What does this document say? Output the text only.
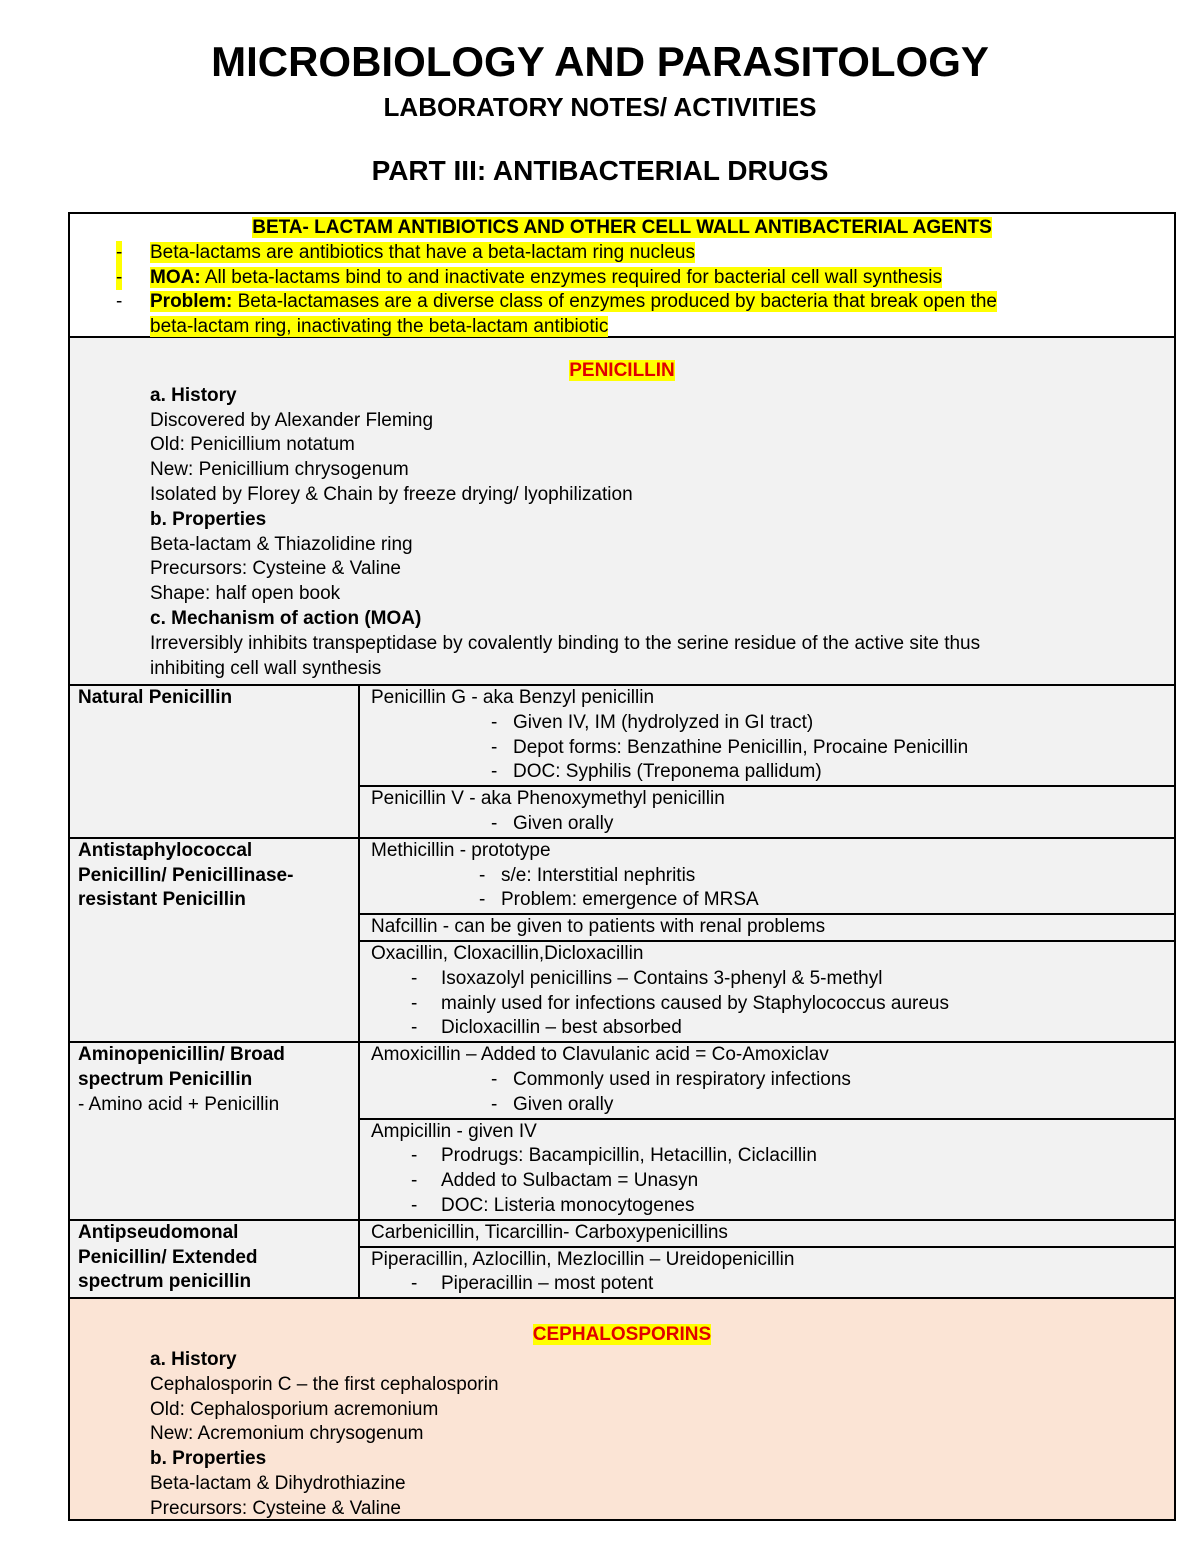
MICROBIOLOGY AND PARASITOLOGY
LABORATORY NOTES/ ACTIVITIES
PART III: ANTIBACTERIAL DRUGS
BETA- LACTAM ANTIBIOTICS AND OTHER CELL WALL ANTIBACTERIAL AGENTS
- Beta-lactams are antibiotics that have a beta-lactam ring nucleus
- MOA: All beta-lactams bind to and inactivate enzymes required for bacterial cell wall synthesis
- Problem: Beta-lactamases are a diverse class of enzymes produced by bacteria that break open the
beta-lactam ring, inactivating the beta-lactam antibiotic
PENICILLIN
a. History
Discovered by Alexander Fleming
Old: Penicillium notatum
New: Penicillium chrysogenum
Isolated by Florey & Chain by freeze drying/ lyophilization
b. Properties
Beta-lactam & Thiazolidine ring
Precursors: Cysteine & Valine
Shape: half open book
c. Mechanism of action (MOA)
Irreversibly inhibits transpeptidase by covalently binding to the serine residue of the active site thus
inhibiting cell wall synthesis
Natural Penicillin	Penicillin G - aka Benzyl penicillin
- Given IV, IM (hydrolyzed in GI tract)
- Depot forms: Benzathine Penicillin, Procaine Penicillin
- DOC: Syphilis (Treponema pallidum)
Penicillin V - aka Phenoxymethyl penicillin
- Given orally
Antistaphylococcal
Penicillin/ Penicillinase-
resistant Penicillin
Methicillin - prototype
- s/e: Interstitial nephritis
- Problem: emergence of MRSA
Nafcillin - can be given to patients with renal problems
Oxacillin, Cloxacillin,Dicloxacillin
- Isoxazolyl penicillins – Contains 3-phenyl & 5-methyl
- mainly used for infections caused by Staphylococcus aureus
- Dicloxacillin – best absorbed
Aminopenicillin/ Broad
spectrum Penicillin
- Amino acid + Penicillin
Amoxicillin – Added to Clavulanic acid = Co-Amoxiclav
- Commonly used in respiratory infections
- Given orally
Ampicillin - given IV
- Prodrugs: Bacampicillin, Hetacillin, Ciclacillin
- Added to Sulbactam = Unasyn
- DOC: Listeria monocytogenes
Antipseudomonal
Penicillin/ Extended
spectrum penicillin
Carbenicillin, Ticarcillin- Carboxypenicillins
Piperacillin, Azlocillin, Mezlocillin – Ureidopenicillin
- Piperacillin – most potent
CEPHALOSPORINS
a. History
Cephalosporin C – the first cephalosporin
Old: Cephalosporium acremonium
New: Acremonium chrysogenum
b. Properties
Beta-lactam & Dihydrothiazine
Precursors: Cysteine & Valine
